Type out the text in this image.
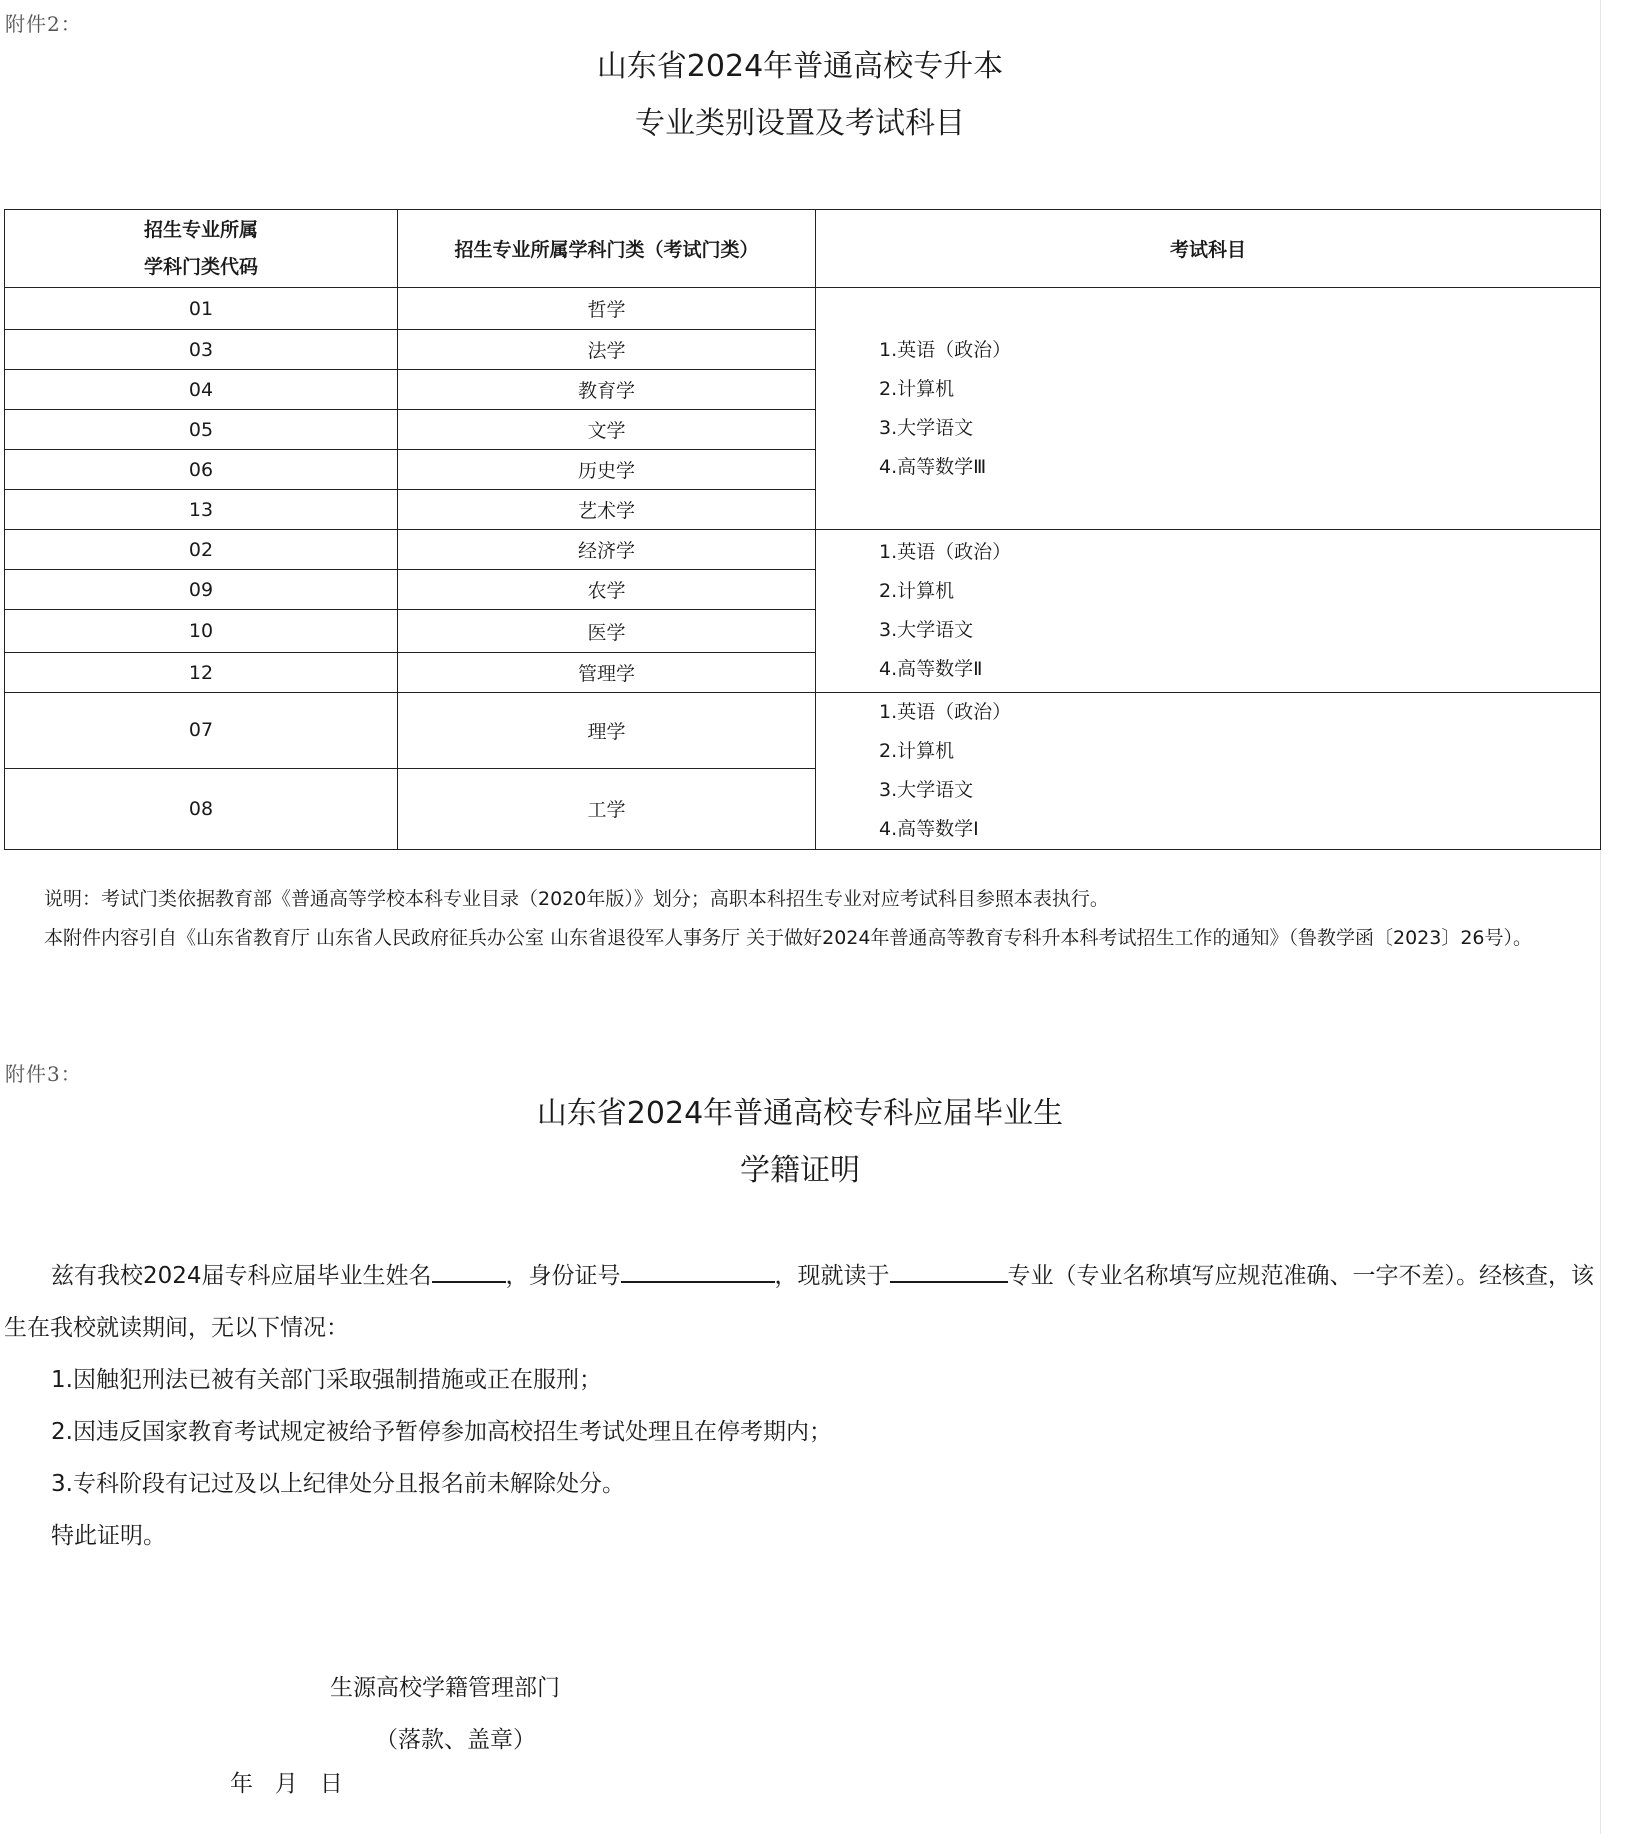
附件2：
山东省2024年普通高校专升本
专业类别设置及考试科目
招生专业所属
学科门类代码	招生专业所属学科门类（考试门类）	考试科目
01	哲学	1.英语（政治）
2.计算机
3.大学语文
4.高等数学Ⅲ

03	法学	
04	教育学	
05	文学	
06	历史学	
13	艺术学	
02	经济学	1.英语（政治）
2.计算机
3.大学语文
4.高等数学Ⅱ

09	农学	
10	医学	
12	管理学	
07	理学	1.英语（政治）
2.计算机
3.大学语文
4.高等数学Ⅰ

08	工学	

说明：考试门类依据教育部《普通高等学校本科专业目录（2020年版）》划分；高职本科招生专业对应考试科目参照本表执行。

本附件内容引自《山东省教育厅 山东省人民政府征兵办公室 山东省退役军人事务厅 关于做好2024年普通高等教育专科升本科考试招生工作的通知》（鲁教学函〔2023〕26号）。

附件3：
山东省2024年普通高校专科应届毕业生
学籍证明

兹有我校2024届专科应届毕业生姓名	，身份证号	，现就读于	专业（专业名称填写应规范准确、一字不差）。经核查，该生在我校就读期间，无以下情况：

1.因触犯刑法已被有关部门采取强制措施或正在服刑；

2.因违反国家教育考试规定被给予暂停参加高校招生考试处理且在停考期内；

3.专科阶段有记过及以上纪律处分且报名前未解除处分。

特此证明。

生源高校学籍管理部门
（落款、盖章）
年   月   日
